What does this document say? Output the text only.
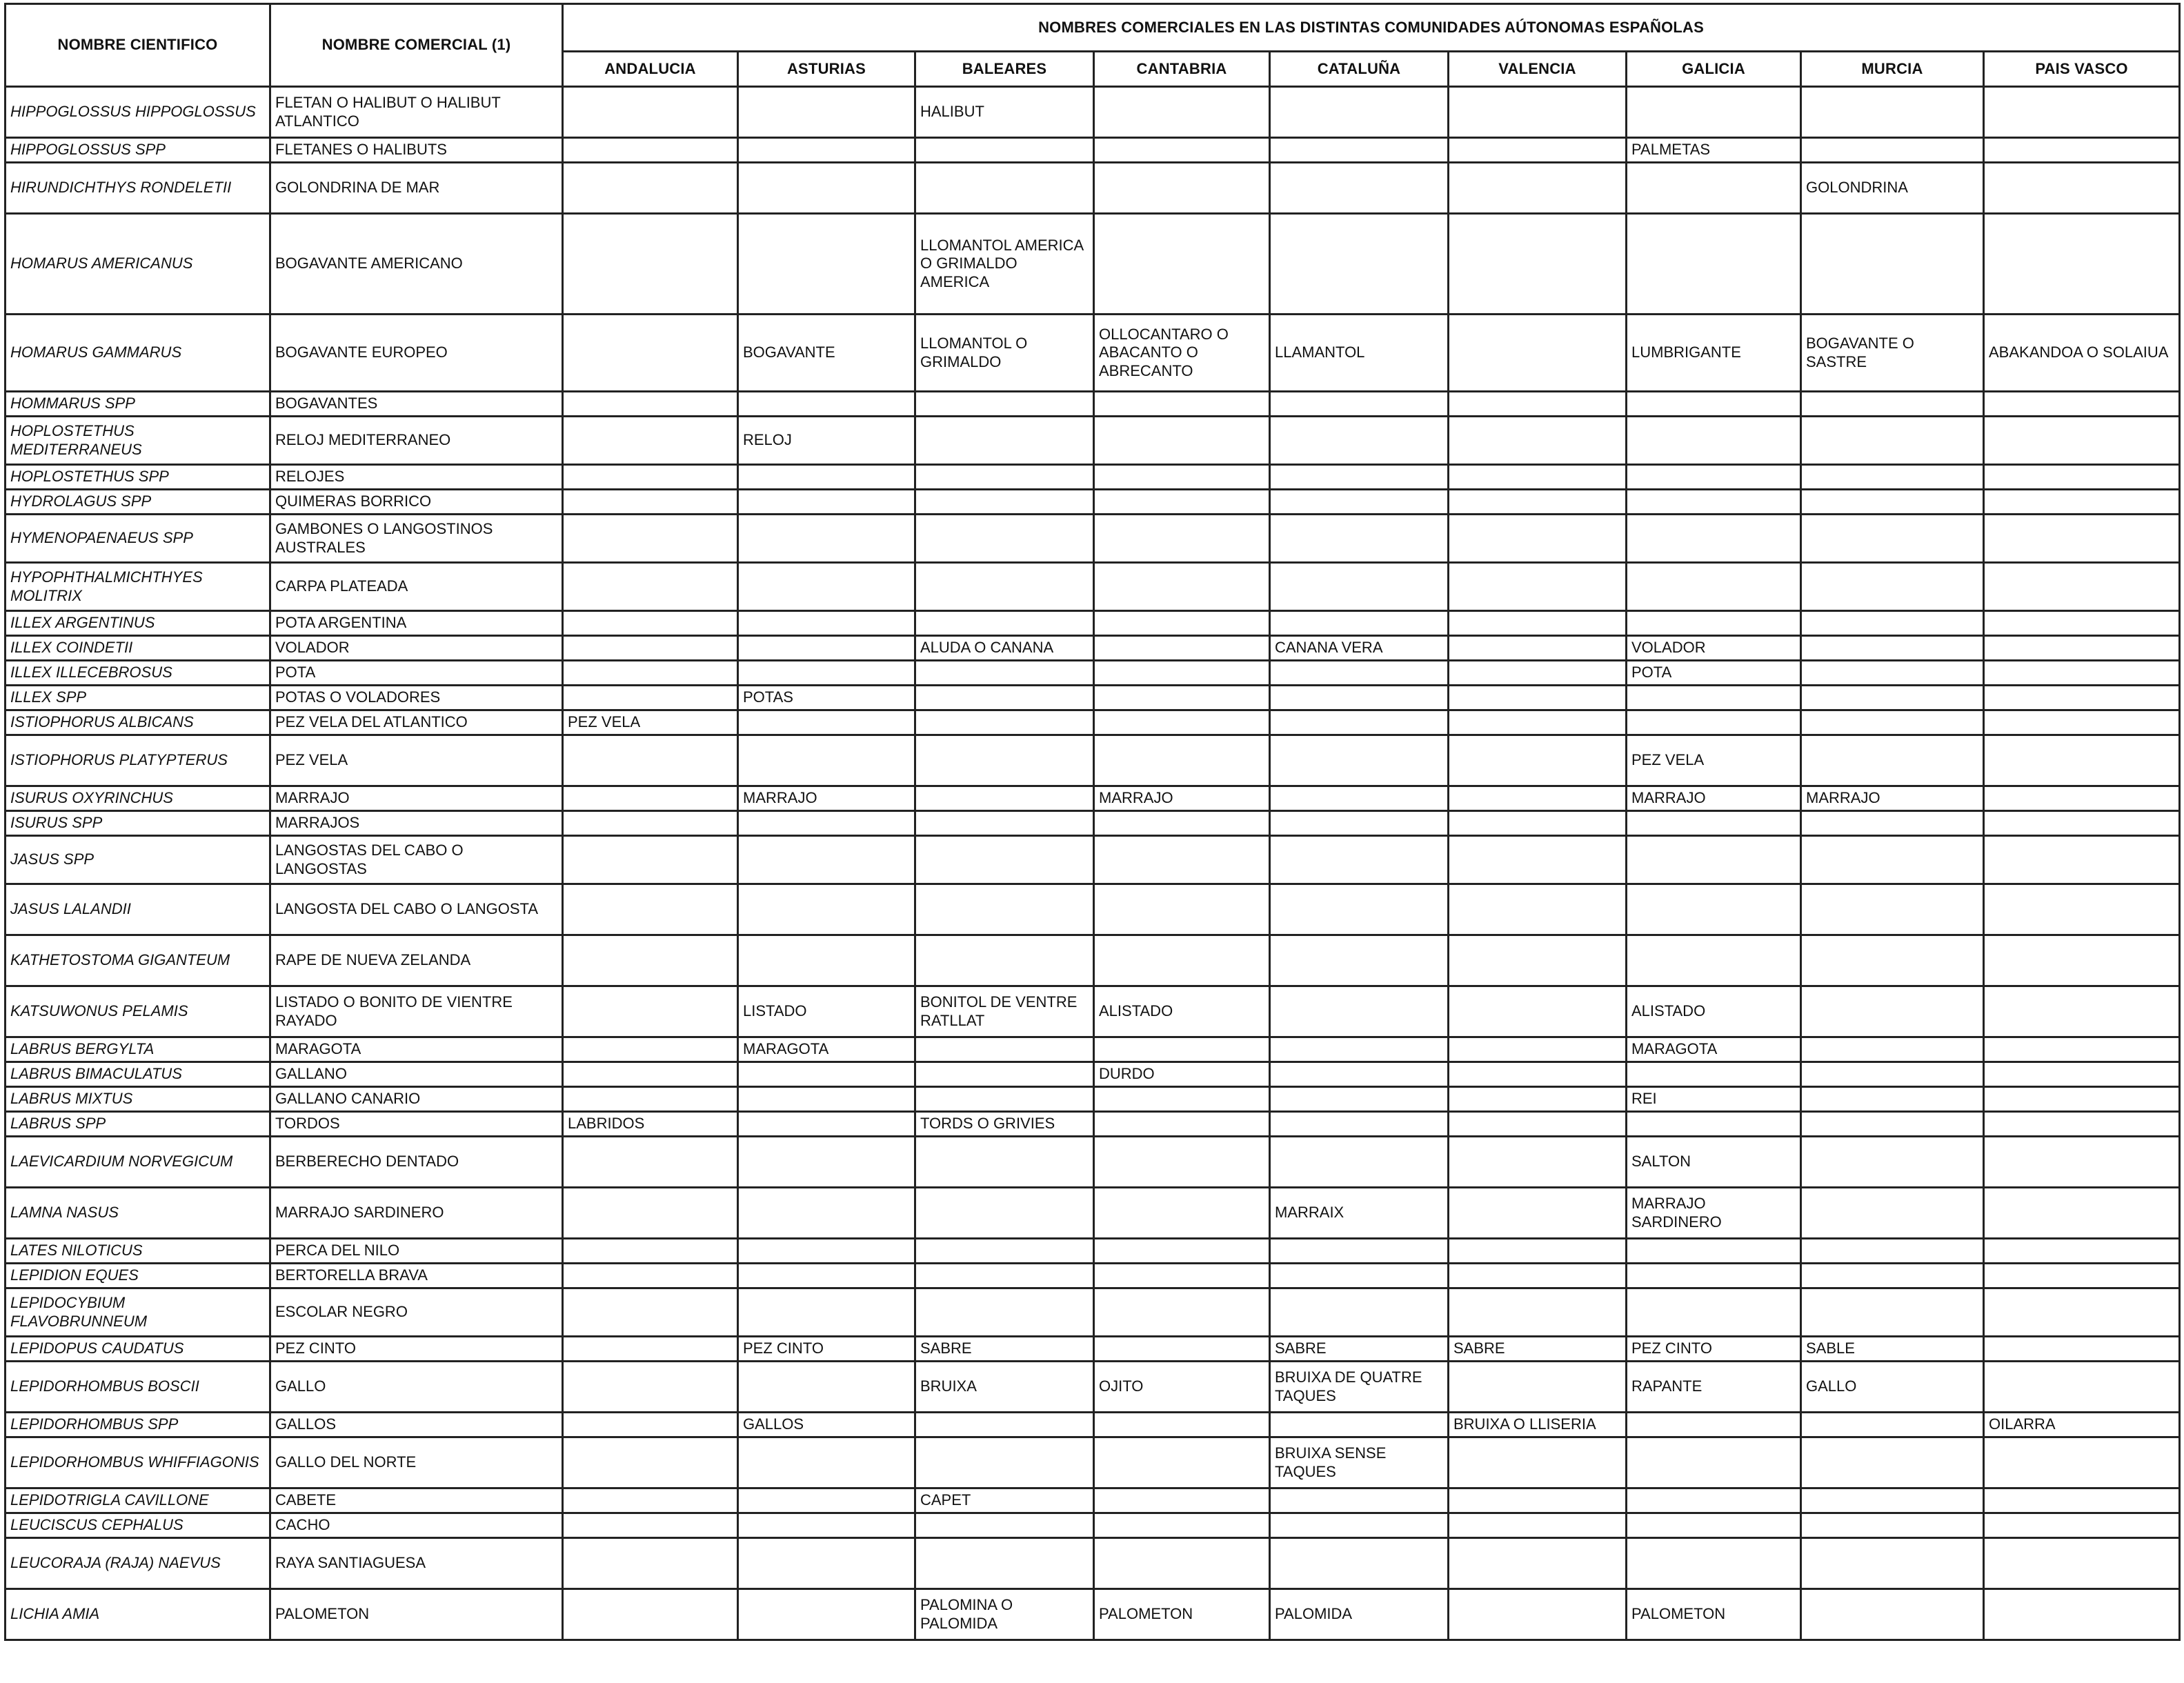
NOMBRE CIENTIFICO	NOMBRE COMERCIAL (1)	NOMBRES COMERCIALES EN LAS DISTINTAS COMUNIDADES AÚTONOMAS ESPAÑOLAS								
		ANDALUCIA	ASTURIAS	BALEARES	CANTABRIA	CATALUÑA	VALENCIA	GALICIA	MURCIA	PAIS VASCO
HIPPOGLOSSUS HIPPOGLOSSUS	FLETAN O HALIBUT O HALIBUT ATLANTICO			HALIBUT						
HIPPOGLOSSUS SPP	FLETANES O HALIBUTS							PALMETAS		
HIRUNDICHTHYS RONDELETII	GOLONDRINA DE MAR								GOLONDRINA	
HOMARUS AMERICANUS	BOGAVANTE AMERICANO			LLOMANTOL AMERICA O GRIMALDO AMERICA						
HOMARUS GAMMARUS	BOGAVANTE EUROPEO		BOGAVANTE	LLOMANTOL O GRIMALDO	OLLOCANTARO O ABACANTO O ABRECANTO	LLAMANTOL		LUMBRIGANTE	BOGAVANTE O SASTRE	ABAKANDOA O SOLAIUA
HOMMARUS SPP	BOGAVANTES									
HOPLOSTETHUS MEDITERRANEUS	RELOJ MEDITERRANEO		RELOJ							
HOPLOSTETHUS SPP	RELOJES									
HYDROLAGUS SPP	QUIMERAS BORRICO									
HYMENOPAENAEUS SPP	GAMBONES O LANGOSTINOS AUSTRALES									
HYPOPHTHALMICHTHYES MOLITRIX	CARPA PLATEADA									
ILLEX ARGENTINUS	POTA ARGENTINA									
ILLEX COINDETII	VOLADOR			ALUDA O CANANA		CANANA VERA		VOLADOR		
ILLEX ILLECEBROSUS	POTA							POTA		
ILLEX SPP	POTAS O VOLADORES		POTAS							
ISTIOPHORUS ALBICANS	PEZ VELA DEL ATLANTICO	PEZ VELA								
ISTIOPHORUS PLATYPTERUS	PEZ VELA							PEZ VELA		
ISURUS OXYRINCHUS	MARRAJO		MARRAJO		MARRAJO			MARRAJO	MARRAJO	
ISURUS SPP	MARRAJOS									
JASUS SPP	LANGOSTAS DEL CABO O LANGOSTAS									
JASUS LALANDII	LANGOSTA DEL CABO O LANGOSTA									
KATHETOSTOMA GIGANTEUM	RAPE DE NUEVA ZELANDA									
KATSUWONUS PELAMIS	LISTADO O BONITO DE VIENTRE RAYADO		LISTADO	BONITOL DE VENTRE RATLLAT	ALISTADO			ALISTADO		
LABRUS BERGYLTA	MARAGOTA		MARAGOTA					MARAGOTA		
LABRUS BIMACULATUS	GALLANO				DURDO					
LABRUS MIXTUS	GALLANO CANARIO							REI		
LABRUS SPP	TORDOS	LABRIDOS		TORDS O GRIVIES						
LAEVICARDIUM NORVEGICUM	BERBERECHO DENTADO							SALTON		
LAMNA NASUS	MARRAJO SARDINERO					MARRAIX		MARRAJO SARDINERO		
LATES NILOTICUS	PERCA DEL NILO									
LEPIDION EQUES	BERTORELLA BRAVA									
LEPIDOCYBIUM FLAVOBRUNNEUM	ESCOLAR NEGRO									
LEPIDOPUS CAUDATUS	PEZ CINTO		PEZ CINTO	SABRE		SABRE	SABRE	PEZ CINTO	SABLE	
LEPIDORHOMBUS BOSCII	GALLO			BRUIXA	OJITO	BRUIXA DE QUATRE TAQUES		RAPANTE	GALLO	
LEPIDORHOMBUS SPP	GALLOS		GALLOS				BRUIXA O LLISERIA			OILARRA
LEPIDORHOMBUS WHIFFIAGONIS	GALLO DEL NORTE					BRUIXA SENSE TAQUES				
LEPIDOTRIGLA CAVILLONE	CABETE			CAPET						
LEUCISCUS CEPHALUS	CACHO									
LEUCORAJA (RAJA) NAEVUS	RAYA SANTIAGUESA									
LICHIA AMIA	PALOMETON			PALOMINA O PALOMIDA	PALOMETON	PALOMIDA		PALOMETON		
